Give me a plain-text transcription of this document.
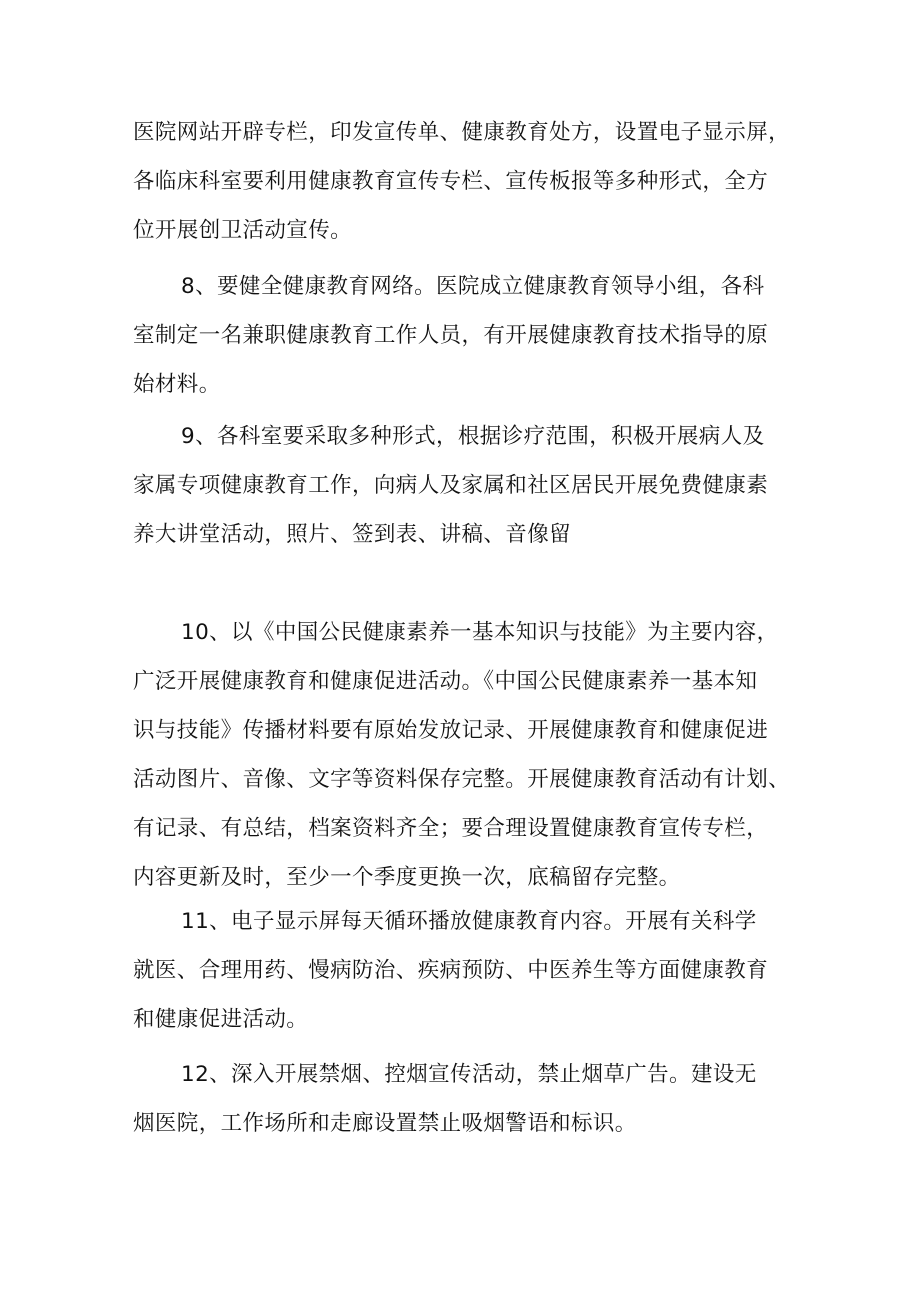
医院网站开辟专栏，印发宣传单、健康教育处方，设置电子显示屏，
各临床科室要利用健康教育宣传专栏、宣传板报等多种形式，全方
位开展创卫活动宣传。
8、要健全健康教育网络。医院成立健康教育领导小组，各科
室制定一名兼职健康教育工作人员，有开展健康教育技术指导的原
始材料。
9、各科室要采取多种形式，根据诊疗范围，积极开展病人及
家属专项健康教育工作，向病人及家属和社区居民开展免费健康素
养大讲堂活动，照片、签到表、讲稿、音像留
10、以《中国公民健康素养一基本知识与技能》为主要内容，
广泛开展健康教育和健康促进活动。《中国公民健康素养一基本知
识与技能》传播材料要有原始发放记录、开展健康教育和健康促进
活动图片、音像、文字等资料保存完整。开展健康教育活动有计划、
有记录、有总结，档案资料齐全；要合理设置健康教育宣传专栏，
内容更新及时，至少一个季度更换一次，底稿留存完整。
11、电子显示屏每天循环播放健康教育内容。开展有关科学
就医、合理用药、慢病防治、疾病预防、中医养生等方面健康教育
和健康促进活动。
12、深入开展禁烟、控烟宣传活动，禁止烟草广告。建设无
烟医院，工作场所和走廊设置禁止吸烟警语和标识。
